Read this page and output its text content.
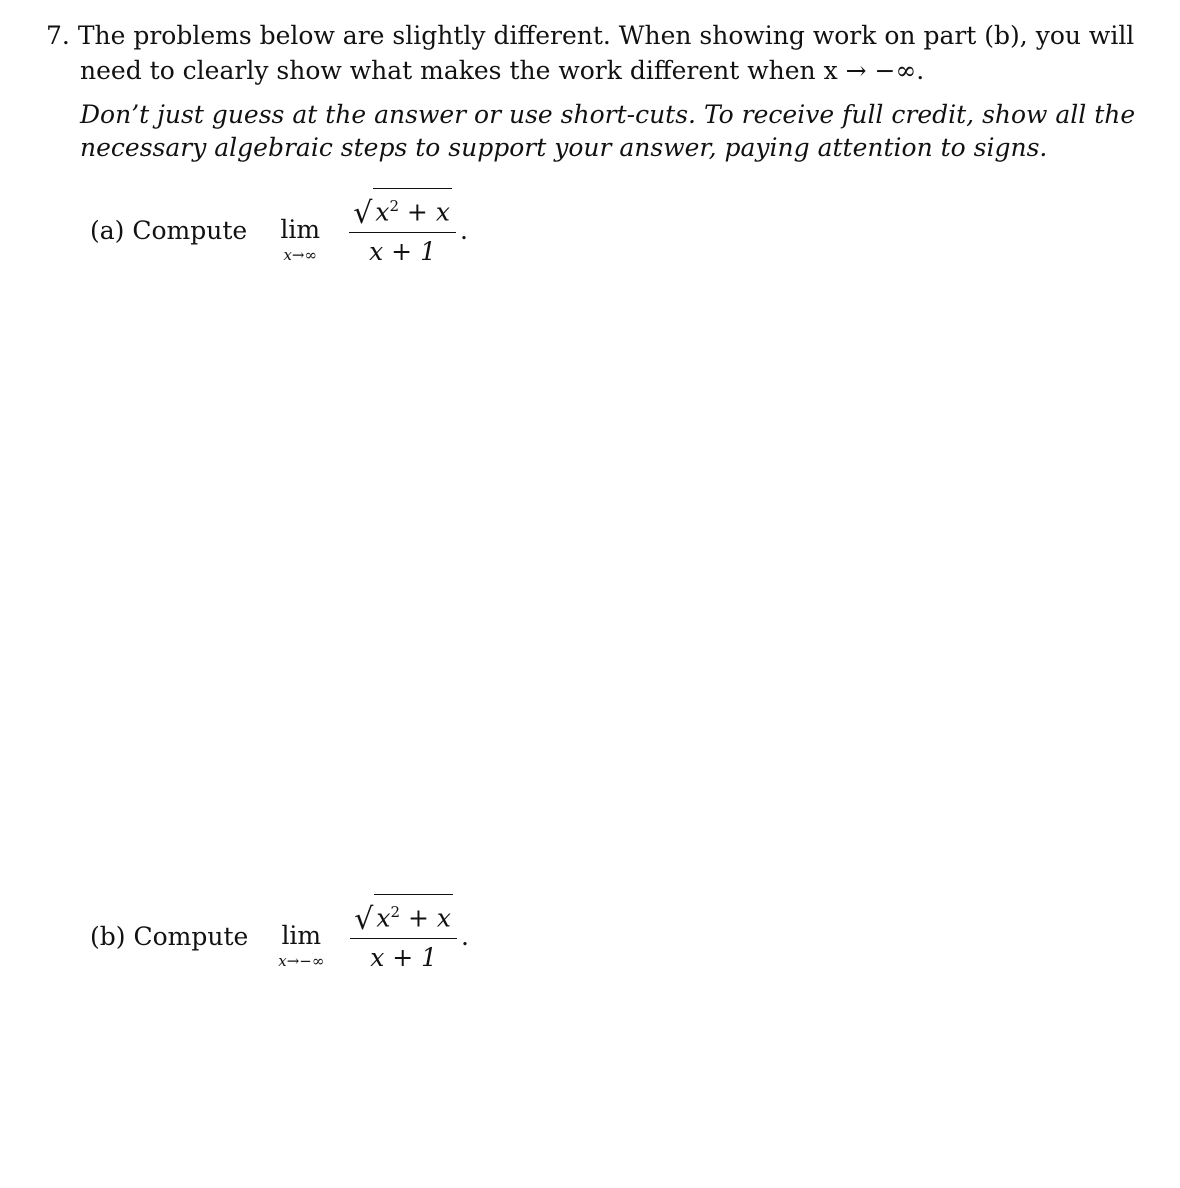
7. The problems below are slightly different. When showing work on part (b), you will
need to clearly show what makes the work different when x → −∞.
Don’t just guess at the answer or use short-cuts. To receive full credit, show all the
necessary algebraic steps to support your answer, paying attention to signs.
(a) Compute	lim
x→∞	$\frac{√ x^2 + x}{x + 1}$ .
(b) Compute	lim
$x\to-\infty \frac{√ x^2 + x}{x + 1}$ .
